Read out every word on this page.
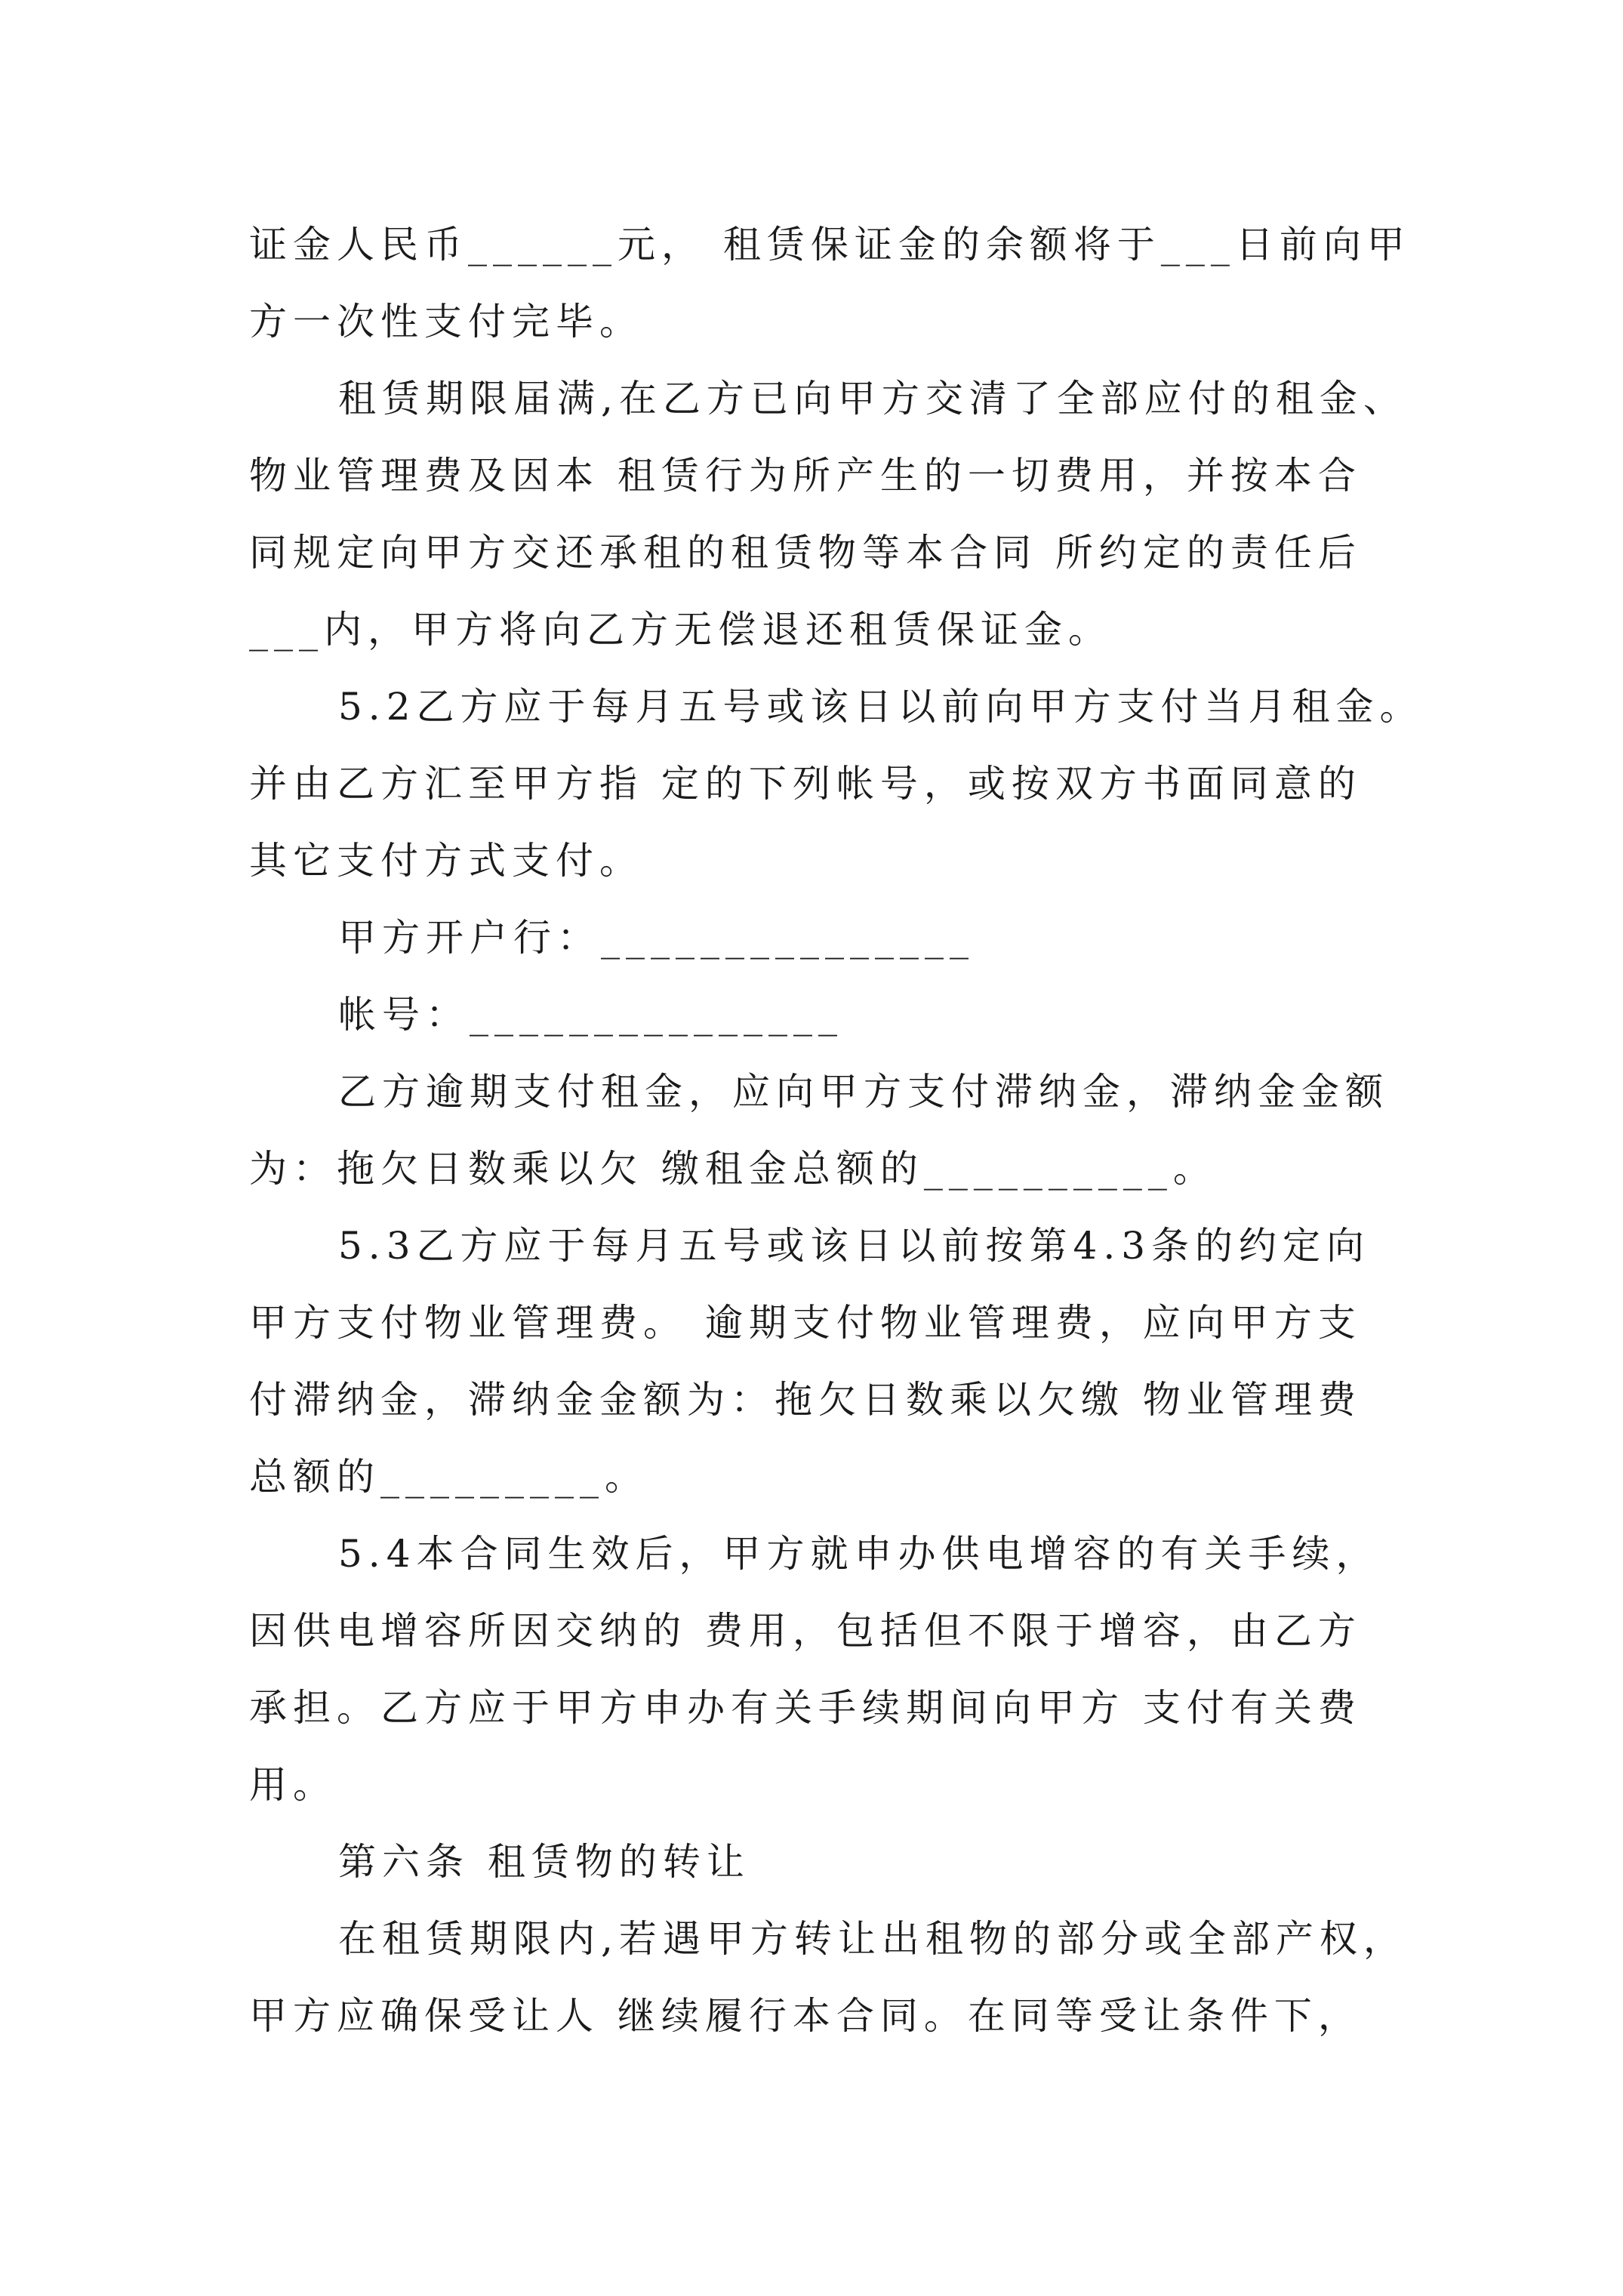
证金人民币______元， 租赁保证金的余额将于___日前向甲
方一次性支付完毕。
租赁期限届满,在乙方已向甲方交清了全部应付的租金、
物业管理费及因本 租赁行为所产生的一切费用，并按本合
同规定向甲方交还承租的租赁物等本合同 所约定的责任后
___内，甲方将向乙方无偿退还租赁保证金。
5.2乙方应于每月五号或该日以前向甲方支付当月租金。
并由乙方汇至甲方指 定的下列帐号，或按双方书面同意的
其它支付方式支付。
甲方开户行：_______________
帐号：_______________
乙方逾期支付租金，应向甲方支付滞纳金，滞纳金金额
为：拖欠日数乘以欠 缴租金总额的__________。
5.3乙方应于每月五号或该日以前按第4.3条的约定向
甲方支付物业管理费。 逾期支付物业管理费，应向甲方支
付滞纳金，滞纳金金额为：拖欠日数乘以欠缴 物业管理费
总额的_________。
5.4本合同生效后，甲方就申办供电增容的有关手续，
因供电增容所因交纳的 费用，包括但不限于增容，由乙方
承担。乙方应于甲方申办有关手续期间向甲方 支付有关费
用。
第六条 租赁物的转让
在租赁期限内,若遇甲方转让出租物的部分或全部产权，
甲方应确保受让人 继续履行本合同。在同等受让条件下，
